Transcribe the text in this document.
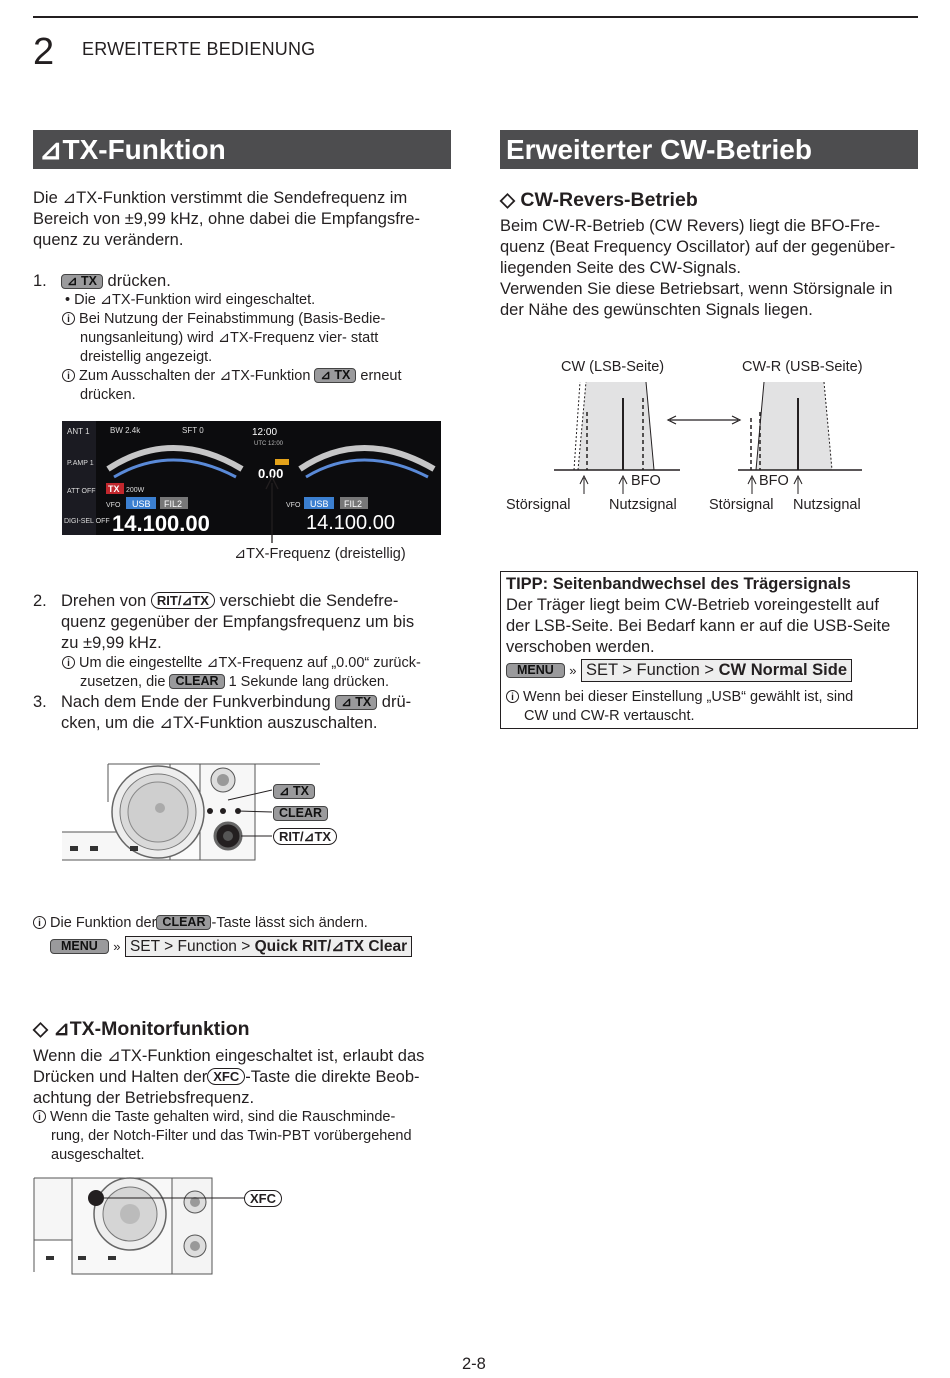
2 ERWEITERTE BEDIENUNG
⊿TX-Funktion
Die ⊿TX-Funktion verstimmt die Sendefrequenz im
Bereich von ±9,99 kHz, ohne dabei die Empfangsfre-
quenz zu verändern.
1. ⊿ TX drücken.
• Die ⊿TX-Funktion wird eingeschaltet.
i Bei Nutzung der Feinabstimmung (Basis-Bedie-
nungsanleitung) wird ⊿TX-Frequenz vier- statt
dreistellig angezeigt.
i Zum Ausschalten der ⊿TX-Funktion ⊿ TX erneut
drücken.
ANT 1
P.AMP 1
ATT OFF
DIGI-SEL OFF
BW 2.4k	SFT 0	12:00
UTC 12:00
0.00
TX 200W
VFO USB FIL2
14.100.00
VFO USB FIL2
14.100.00
⊿TX-Frequenz (dreistellig)
2. Drehen von RIT/⊿TX verschiebt die Sendefre-
quenz gegenüber der Empfangsfrequenz um bis
zu ±9,99 kHz.
i Um die eingestellte ⊿TX-Frequenz auf „0.00“ zurück-
zusetzen, die CLEAR 1 Sekunde lang drücken.
3. Nach dem Ende der Funkverbindung ⊿ TX drü-
cken, um die ⊿TX-Funktion auszuschalten.
⊿ TX
CLEAR
RIT/⊿TX
i Die Funktion der CLEAR -Taste lässt sich ändern.
MENU » SET > Function > Quick RIT/⊿TX Clear
◇ ⊿TX-Monitorfunktion
Wenn die ⊿TX-Funktion eingeschaltet ist, erlaubt das
Drücken und Halten der XFC -Taste die direkte Beob-
achtung der Betriebsfrequenz.
i Wenn die Taste gehalten wird, sind die Rauschminde-
rung, der Notch-Filter und das Twin-PBT vorübergehend
ausgeschaltet.
XFC
Erweiterter CW-Betrieb
◇ CW-Revers-Betrieb
Beim CW-R-Betrieb (CW Revers) liegt die BFO-Fre-
quenz (Beat Frequency Oscillator) auf der gegenüber-
liegenden Seite des CW-Signals.
Verwenden Sie diese Betriebsart, wenn Störsignale in
der Nähe des gewünschten Signals liegen.
CW (LSB-Seite)	CW-R (USB-Seite)
BFO	BFO
Störsignal	Nutzsignal Störsignal Nutzsignal
TIPP: Seitenbandwechsel des Trägersignals
Der Träger liegt beim CW-Betrieb voreingestellt auf
der LSB-Seite. Bei Bedarf kann er auf die USB-Seite
verschoben werden.
MENU » SET > Function > CW Normal Side
i Wenn bei dieser Einstellung „USB“ gewählt ist, sind
CW und CW-R vertauscht.
2-8
